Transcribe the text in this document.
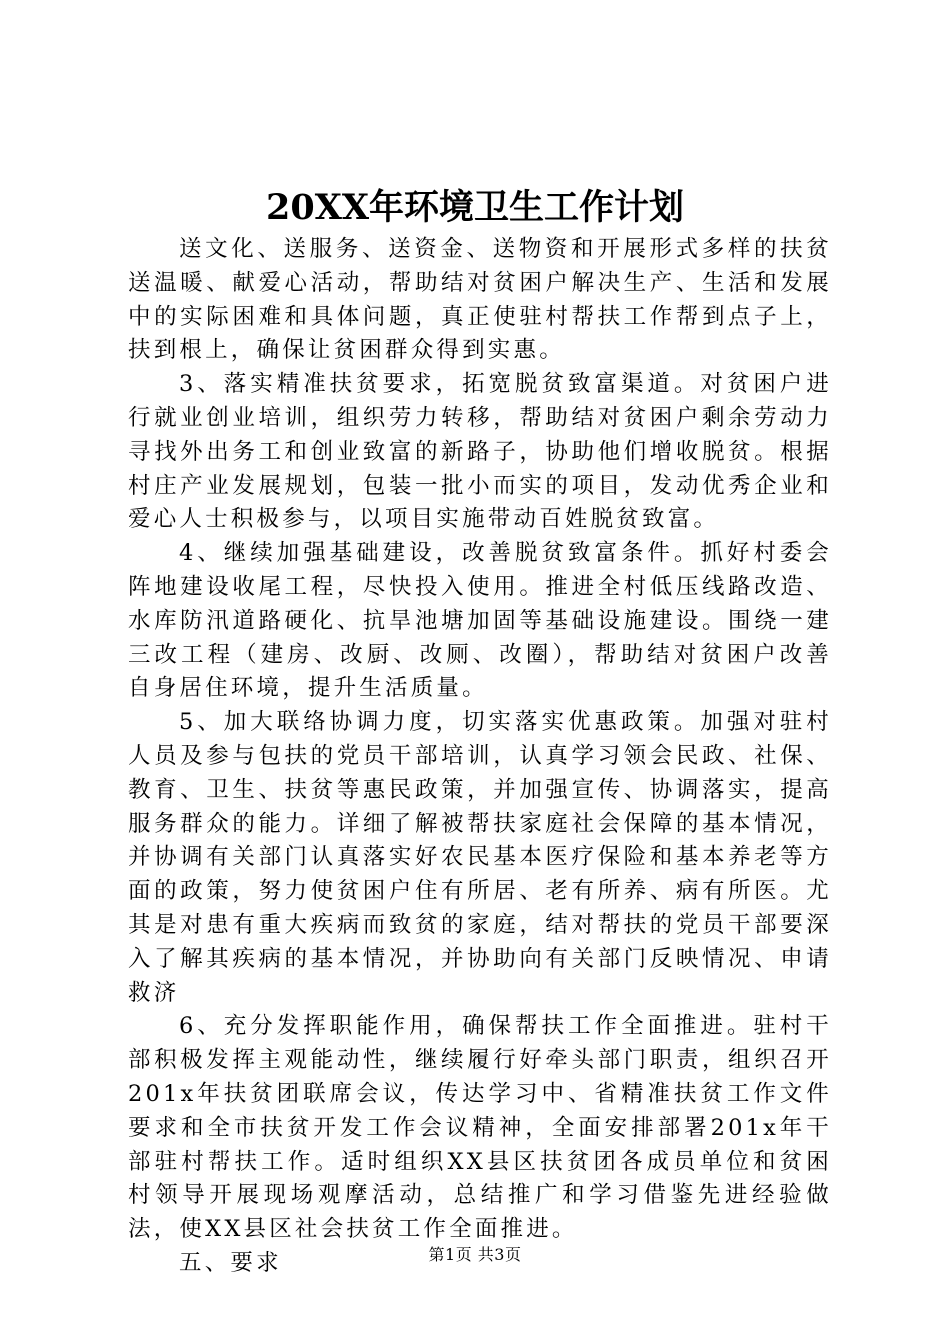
20XX年环境卫生工作计划

送文化、送服务、送资金、送物资和开展形式多样的扶贫送温暖、献爱心活动，帮助结对贫困户解决生产、生活和发展中的实际困难和具体问题，真正使驻村帮扶工作帮到点子上，扶到根上，确保让贫困群众得到实惠。

3、落实精准扶贫要求，拓宽脱贫致富渠道。对贫困户进行就业创业培训，组织劳力转移，帮助结对贫困户剩余劳动力寻找外出务工和创业致富的新路子，协助他们增收脱贫。根据村庄产业发展规划，包装一批小而实的项目，发动优秀企业和爱心人士积极参与，以项目实施带动百姓脱贫致富。

4、继续加强基础建设，改善脱贫致富条件。抓好村委会阵地建设收尾工程，尽快投入使用。推进全村低压线路改造、水库防汛道路硬化、抗旱池塘加固等基础设施建设。围绕一建三改工程（建房、改厨、改厕、改圈），帮助结对贫困户改善自身居住环境，提升生活质量。

5、加大联络协调力度，切实落实优惠政策。加强对驻村人员及参与包扶的党员干部培训，认真学习领会民政、社保、教育、卫生、扶贫等惠民政策，并加强宣传、协调落实，提高服务群众的能力。详细了解被帮扶家庭社会保障的基本情况，并协调有关部门认真落实好农民基本医疗保险和基本养老等方面的政策，努力使贫困户住有所居、老有所养、病有所医。尤其是对患有重大疾病而致贫的家庭，结对帮扶的党员干部要深入了解其疾病的基本情况，并协助向有关部门反映情况、申请救济

6、充分发挥职能作用，确保帮扶工作全面推进。驻村干部积极发挥主观能动性，继续履行好牵头部门职责，组织召开201x年扶贫团联席会议，传达学习中、省精准扶贫工作文件要求和全市扶贫开发工作会议精神，全面安排部署201x年干部驻村帮扶工作。适时组织XX县区扶贫团各成员单位和贫困村领导开展现场观摩活动，总结推广和学习借鉴先进经验做法，使XX县区社会扶贫工作全面推进。

五、要求	第1页 共3页
